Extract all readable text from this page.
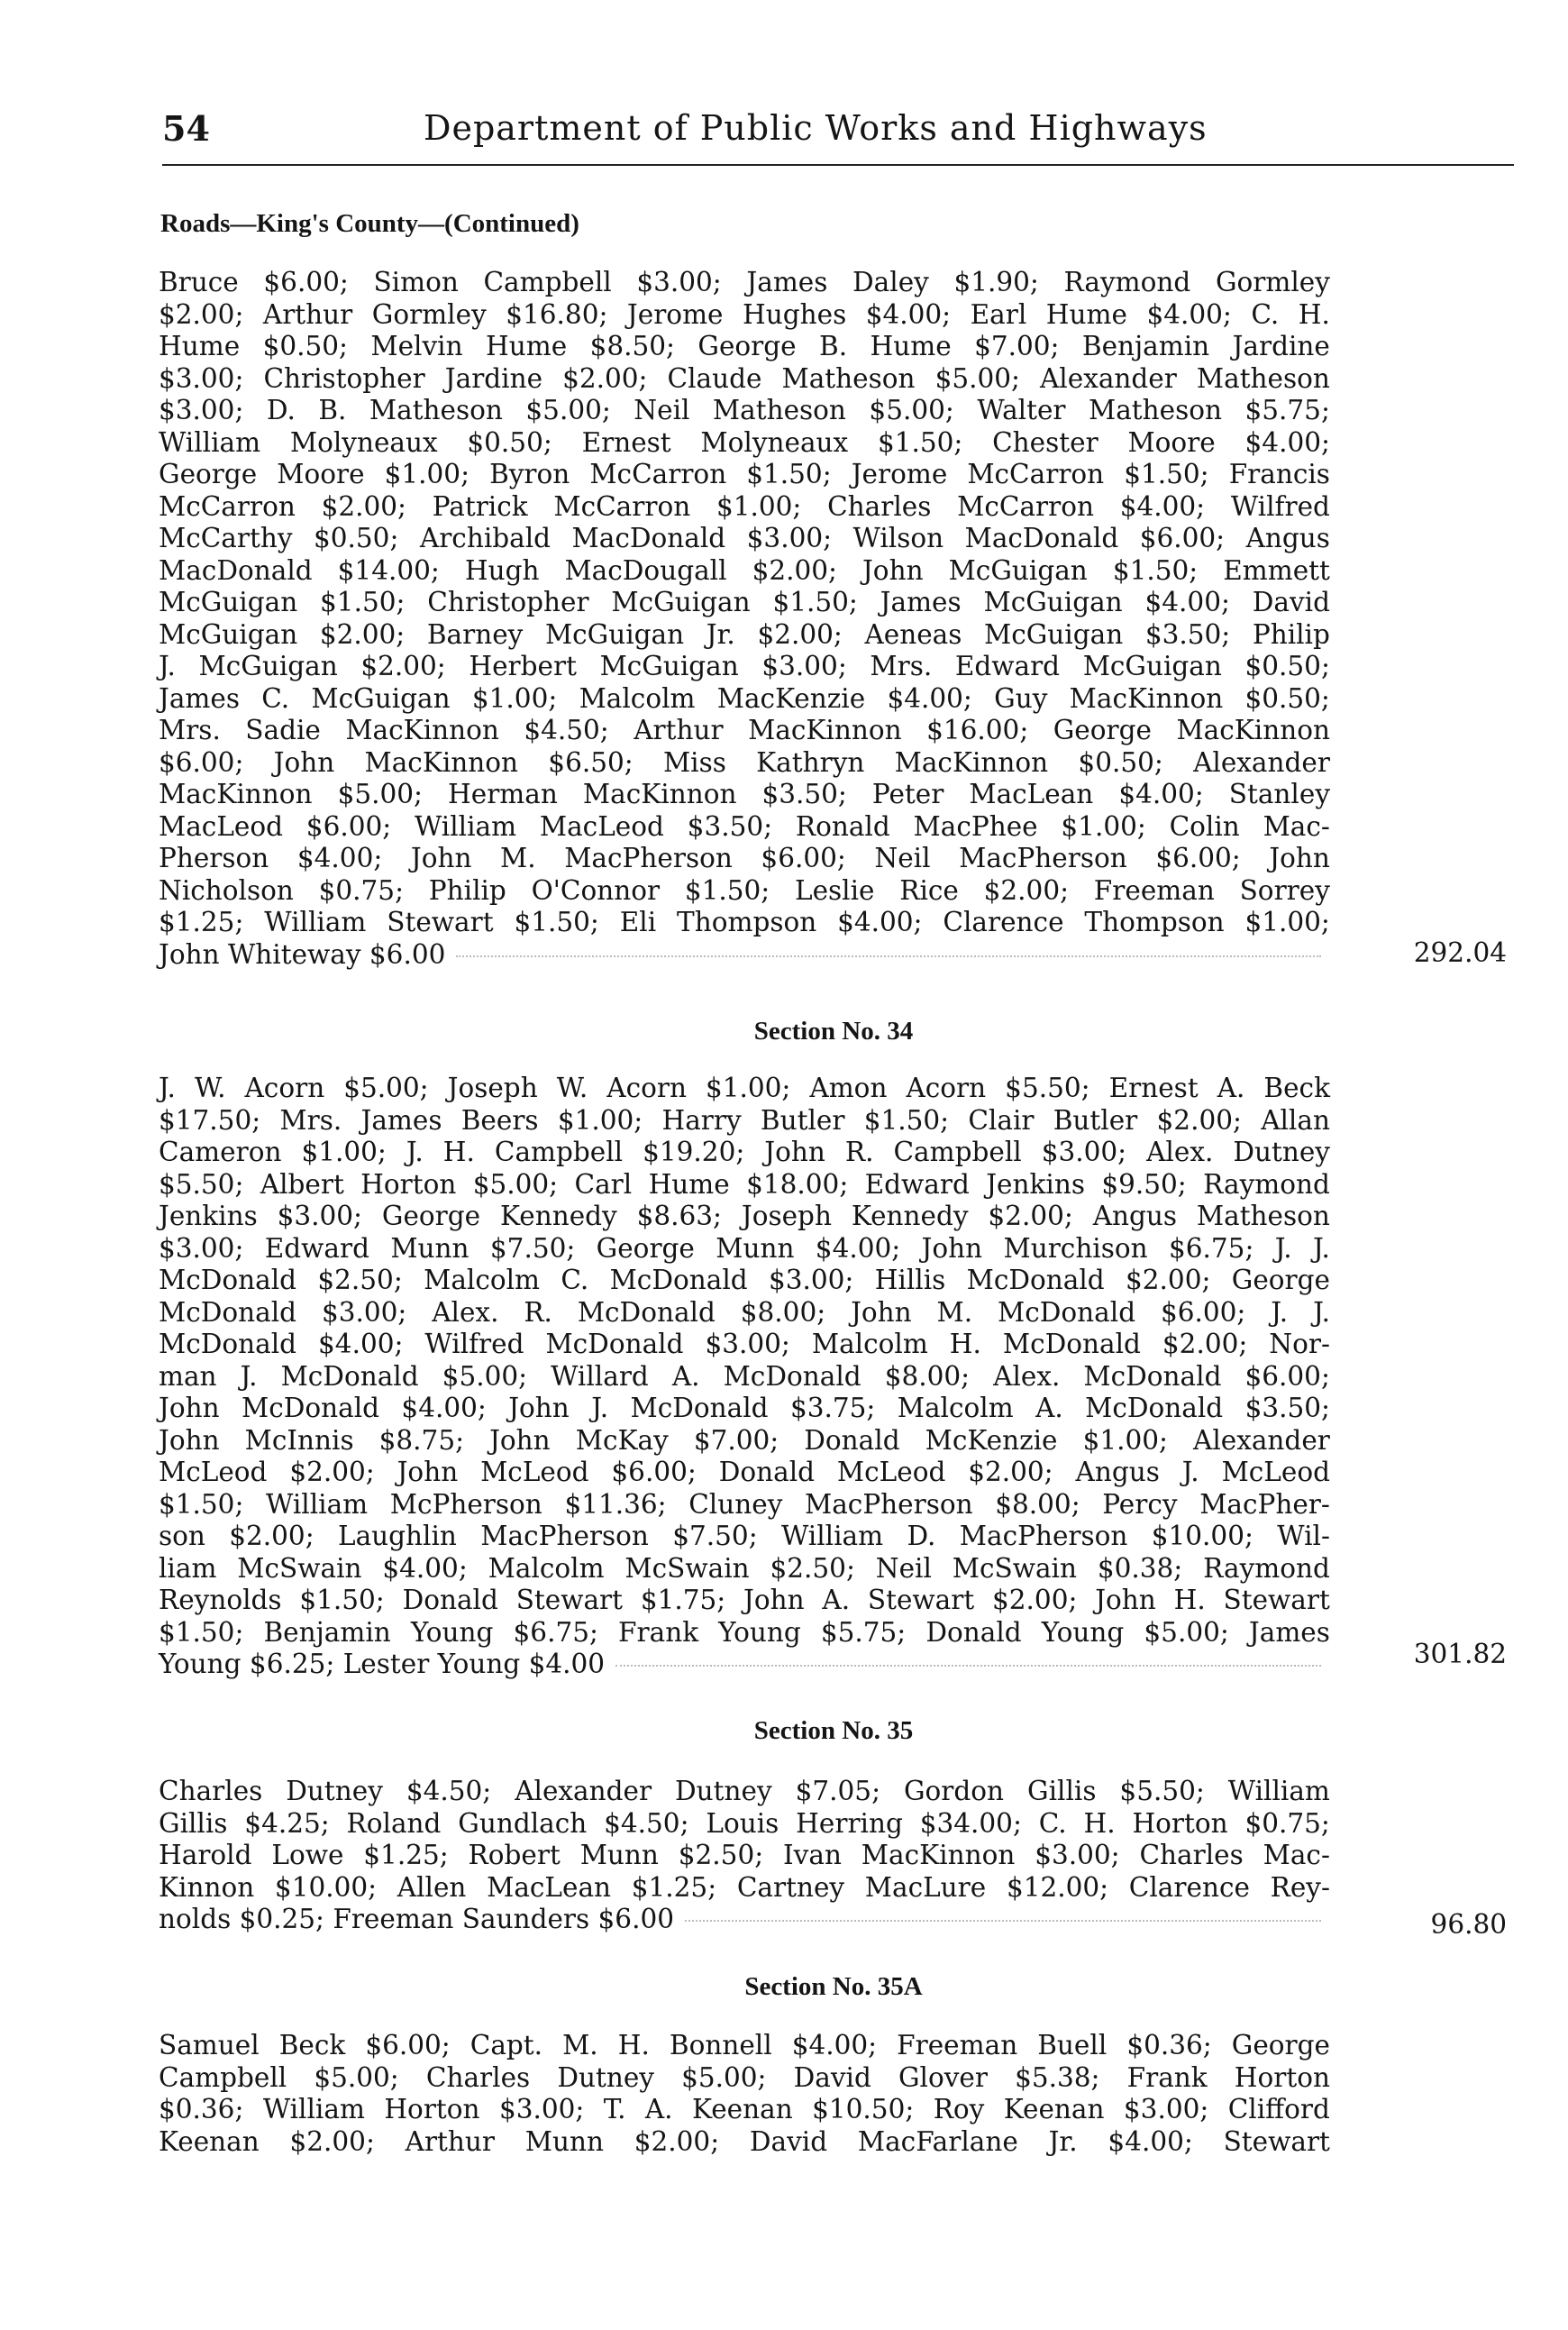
54	Department of Public Works and Highways
Roads—King's County—(Continued)
Bruce $6.00; Simon Campbell $3.00; James Daley $1.90; Raymond Gormley
$2.00; Arthur Gormley $16.80; Jerome Hughes $4.00; Earl Hume $4.00; C. H.
Hume $0.50; Melvin Hume $8.50; George B. Hume $7.00; Benjamin Jardine
$3.00; Christopher Jardine $2.00; Claude Matheson $5.00; Alexander Matheson
$3.00; D. B. Matheson $5.00; Neil Matheson $5.00; Walter Matheson $5.75;
William Molyneaux $0.50; Ernest Molyneaux $1.50; Chester Moore $4.00;
George Moore $1.00; Byron McCarron $1.50; Jerome McCarron $1.50; Francis
McCarron $2.00; Patrick McCarron $1.00; Charles McCarron $4.00; Wilfred
McCarthy $0.50; Archibald MacDonald $3.00; Wilson MacDonald $6.00; Angus
MacDonald $14.00; Hugh MacDougall $2.00; John McGuigan $1.50; Emmett
McGuigan $1.50; Christopher McGuigan $1.50; James McGuigan $4.00; David
McGuigan $2.00; Barney McGuigan Jr. $2.00; Aeneas McGuigan $3.50; Philip
J. McGuigan $2.00; Herbert McGuigan $3.00; Mrs. Edward McGuigan $0.50;
James C. McGuigan $1.00; Malcolm MacKenzie $4.00; Guy MacKinnon $0.50;
Mrs. Sadie MacKinnon $4.50; Arthur MacKinnon $16.00; George MacKinnon
$6.00; John MacKinnon $6.50; Miss Kathryn MacKinnon $0.50; Alexander
MacKinnon $5.00; Herman MacKinnon $3.50; Peter MacLean $4.00; Stanley
MacLeod $6.00; William MacLeod $3.50; Ronald MacPhee $1.00; Colin Mac-
Pherson $4.00; John M. MacPherson $6.00; Neil MacPherson $6.00; John
Nicholson $0.75; Philip O'Connor $1.50; Leslie Rice $2.00; Freeman Sorrey
$1.25; William Stewart $1.50; Eli Thompson $4.00; Clarence Thompson $1.00;
John Whiteway $6.00	292.04
Section No. 34
J. W. Acorn $5.00; Joseph W. Acorn $1.00; Amon Acorn $5.50; Ernest A. Beck
$17.50; Mrs. James Beers $1.00; Harry Butler $1.50; Clair Butler $2.00; Allan
Cameron $1.00; J. H. Campbell $19.20; John R. Campbell $3.00; Alex. Dutney
$5.50; Albert Horton $5.00; Carl Hume $18.00; Edward Jenkins $9.50; Raymond
Jenkins $3.00; George Kennedy $8.63; Joseph Kennedy $2.00; Angus Matheson
$3.00; Edward Munn $7.50; George Munn $4.00; John Murchison $6.75; J. J.
McDonald $2.50; Malcolm C. McDonald $3.00; Hillis McDonald $2.00; George
McDonald $3.00; Alex. R. McDonald $8.00; John M. McDonald $6.00; J. J.
McDonald $4.00; Wilfred McDonald $3.00; Malcolm H. McDonald $2.00; Nor-
man J. McDonald $5.00; Willard A. McDonald $8.00; Alex. McDonald $6.00;
John McDonald $4.00; John J. McDonald $3.75; Malcolm A. McDonald $3.50;
John McInnis $8.75; John McKay $7.00; Donald McKenzie $1.00; Alexander
McLeod $2.00; John McLeod $6.00; Donald McLeod $2.00; Angus J. McLeod
$1.50; William McPherson $11.36; Cluney MacPherson $8.00; Percy MacPher-
son $2.00; Laughlin MacPherson $7.50; William D. MacPherson $10.00; Wil-
liam McSwain $4.00; Malcolm McSwain $2.50; Neil McSwain $0.38; Raymond
Reynolds $1.50; Donald Stewart $1.75; John A. Stewart $2.00; John H. Stewart
$1.50; Benjamin Young $6.75; Frank Young $5.75; Donald Young $5.00; James
Young $6.25; Lester Young $4.00	301.82
Section No. 35
Charles Dutney $4.50; Alexander Dutney $7.05; Gordon Gillis $5.50; William
Gillis $4.25; Roland Gundlach $4.50; Louis Herring $34.00; C. H. Horton $0.75;
Harold Lowe $1.25; Robert Munn $2.50; Ivan MacKinnon $3.00; Charles Mac-
Kinnon $10.00; Allen MacLean $1.25; Cartney MacLure $12.00; Clarence Rey-
nolds $0.25; Freeman Saunders $6.00	96.80
Section No. 35A
Samuel Beck $6.00; Capt. M. H. Bonnell $4.00; Freeman Buell $0.36; George
Campbell $5.00; Charles Dutney $5.00; David Glover $5.38; Frank Horton
$0.36; William Horton $3.00; T. A. Keenan $10.50; Roy Keenan $3.00; Clifford
Keenan $2.00; Arthur Munn $2.00; David MacFarlane Jr. $4.00; Stewart
